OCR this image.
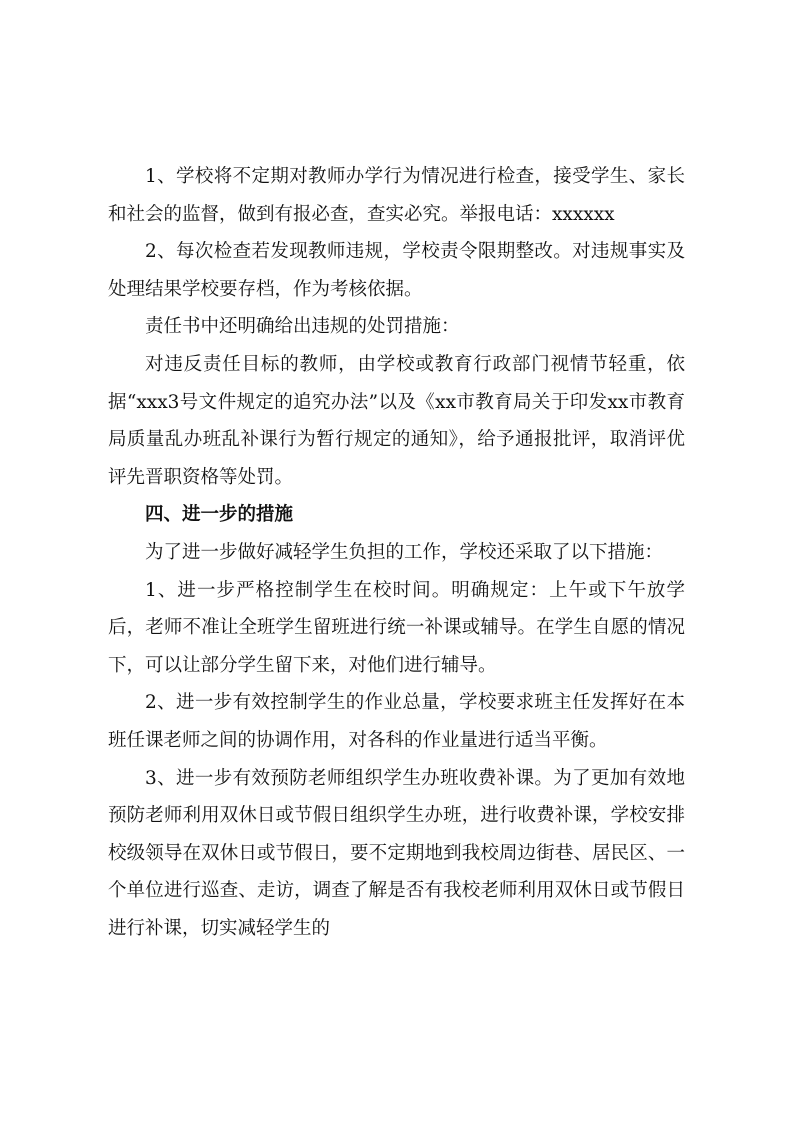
1、学校将不定期对教师办学行为情况进行检查，接受学生、家长和社会的监督，做到有报必查，查实必究。举报电话：xxxxxx

2、每次检查若发现教师违规，学校责令限期整改。对违规事实及处理结果学校要存档，作为考核依据。

责任书中还明确给出违规的处罚措施：

对违反责任目标的教师，由学校或教育行政部门视情节轻重，依据“xxx3号文件规定的追究办法”以及《xx市教育局关于印发xx市教育局质量乱办班乱补课行为暂行规定的通知》，给予通报批评，取消评优评先晋职资格等处罚。

四、进一步的措施

为了进一步做好减轻学生负担的工作，学校还采取了以下措施：

1、进一步严格控制学生在校时间。明确规定：上午或下午放学后，老师不准让全班学生留班进行统一补课或辅导。在学生自愿的情况下，可以让部分学生留下来，对他们进行辅导。

2、进一步有效控制学生的作业总量，学校要求班主任发挥好在本班任课老师之间的协调作用，对各科的作业量进行适当平衡。

3、进一步有效预防老师组织学生办班收费补课。为了更加有效地预防老师利用双休日或节假日组织学生办班，进行收费补课，学校安排校级领导在双休日或节假日，要不定期地到我校周边街巷、居民区、一个单位进行巡查、走访，调查了解是否有我校老师利用双休日或节假日进行补课，切实减轻学生的
